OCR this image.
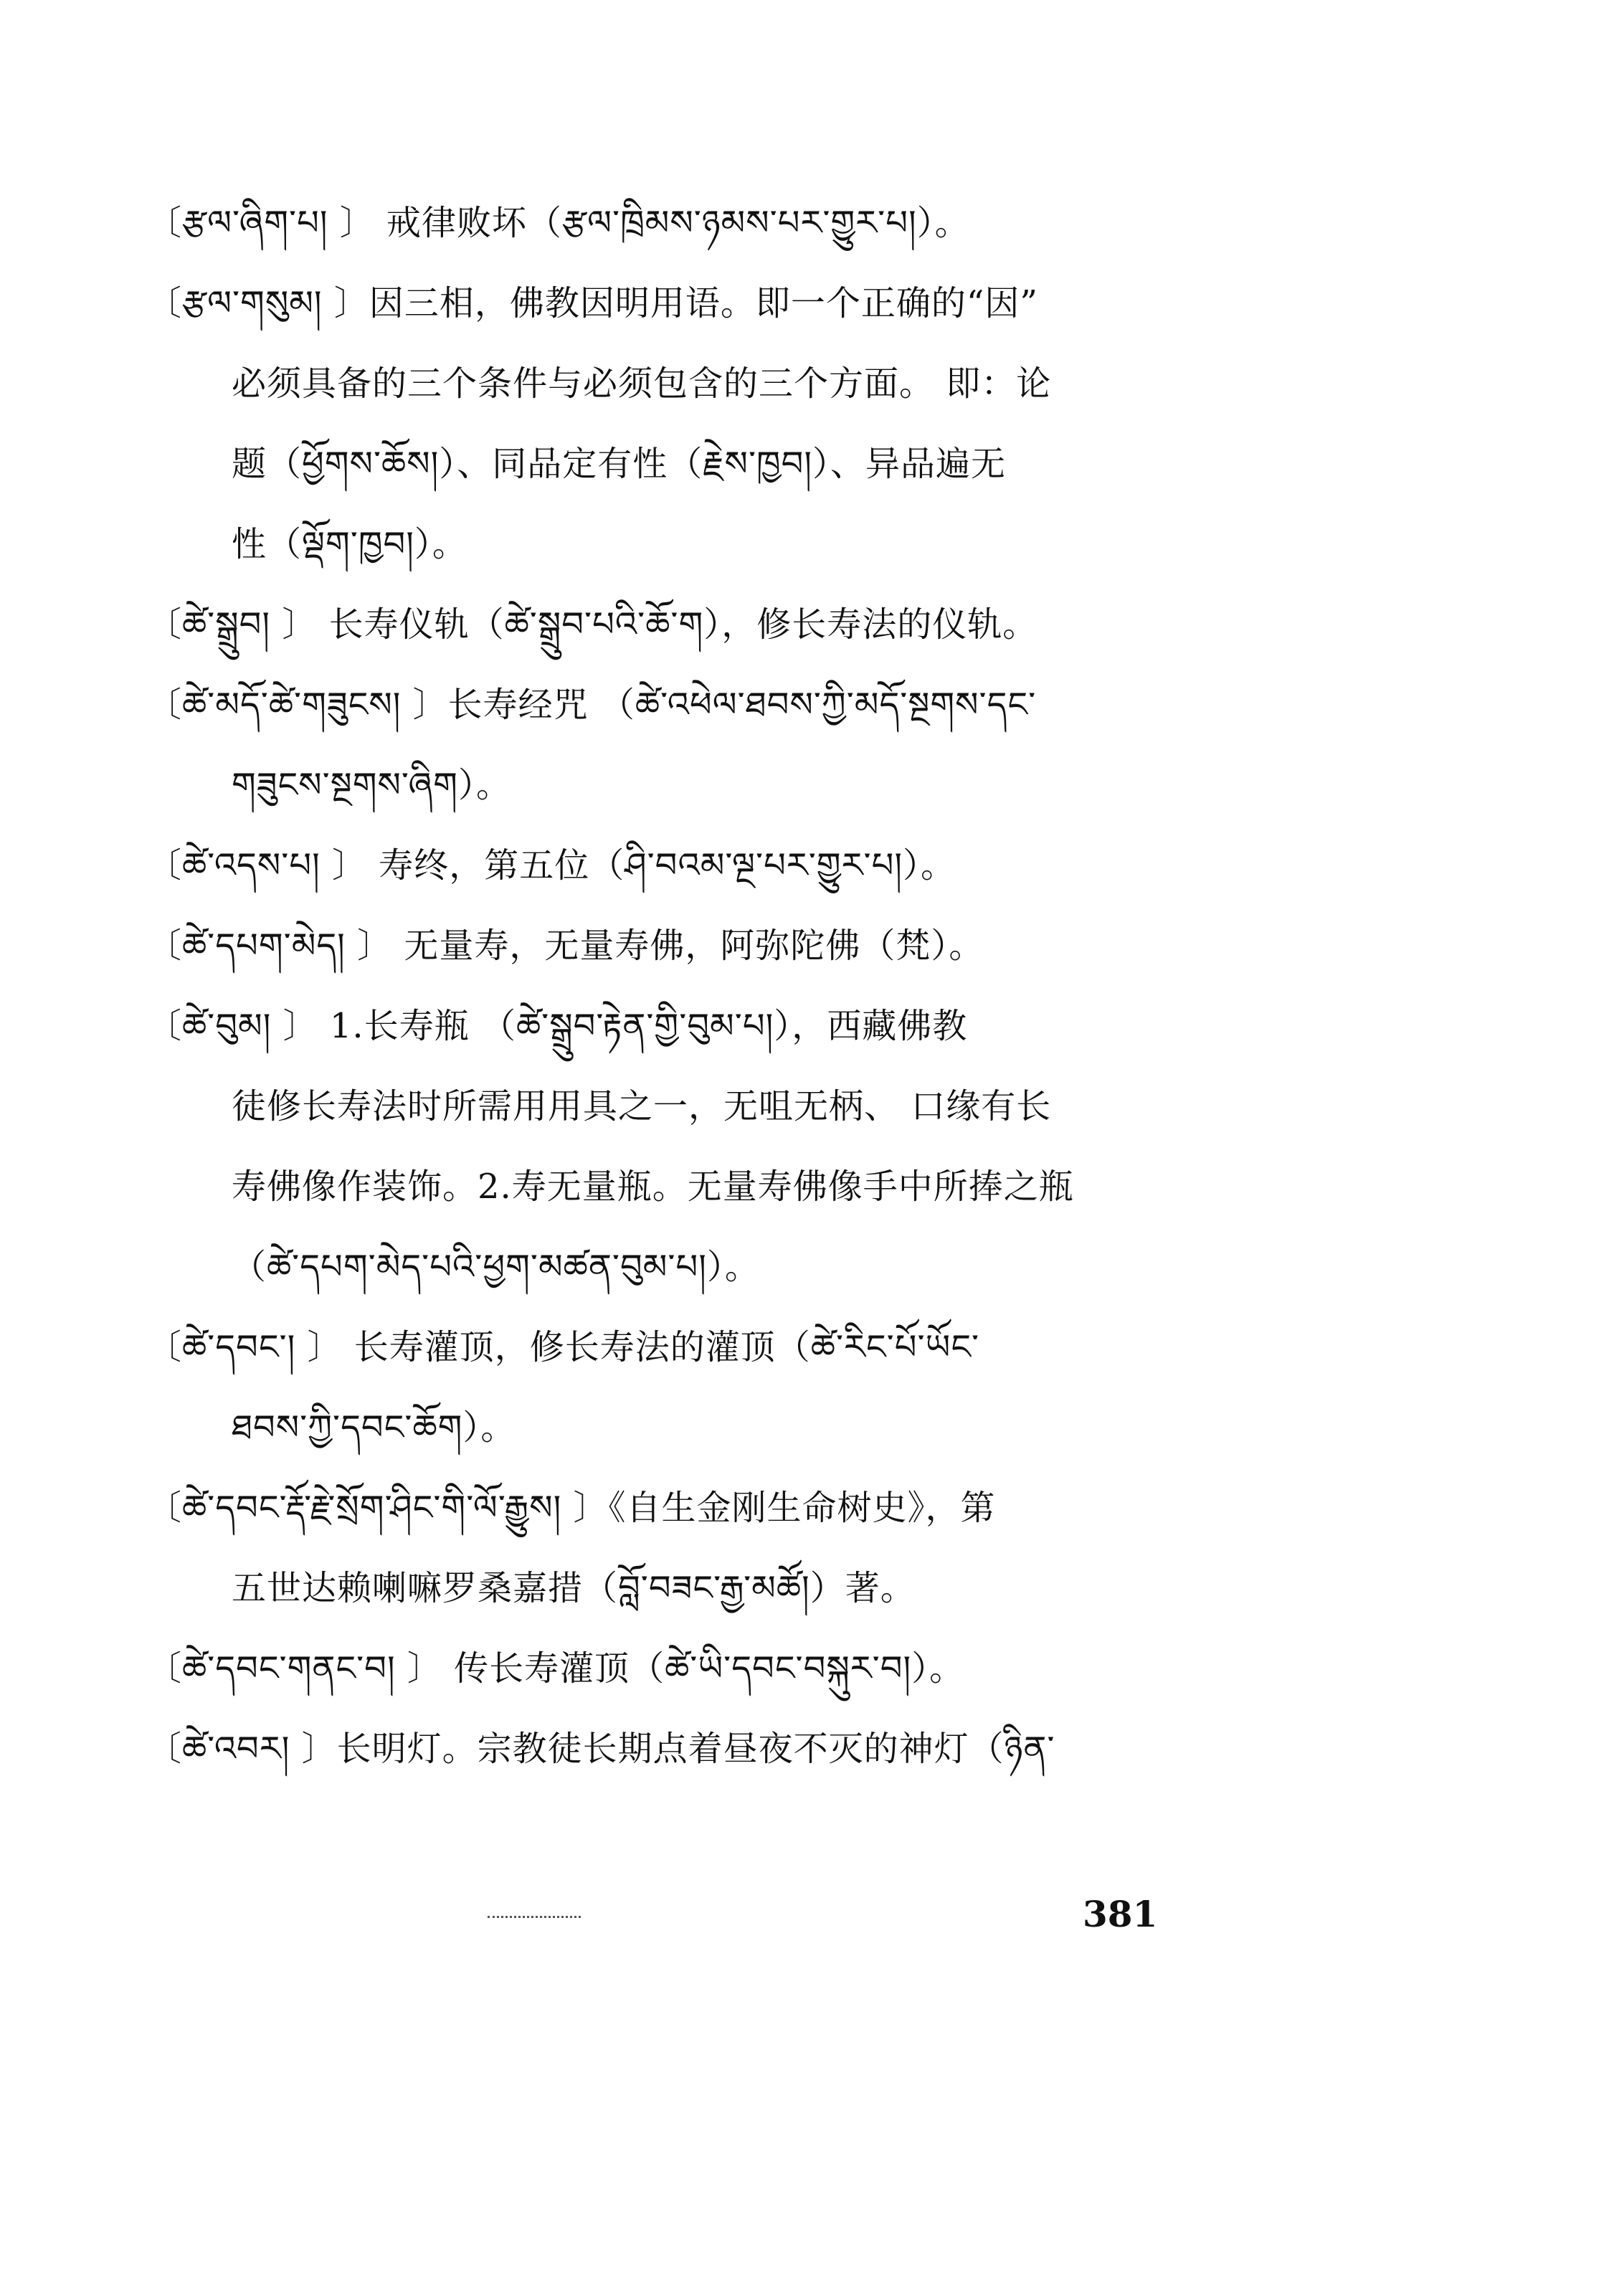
〔རྩལ་ཞིག་པ། 〕 戒律败坏（རྩལ་ཁྲིམས་ཉམས་པར་གྱུར་པ།）。
〔རྩལ་གསུམ། 〕因三相，佛教因明用语。即一个正确的“因”
必须具备的三个条件与必须包含的三个方面。 即：论
题（ཕྱོགས་ཆོས།）、同品定有性（རྗེས་ཁྱབ།）、异品遍无
性（ལྡོག་ཁྱབ།）。
〔ཚེ་སྒྲུབ། 〕 长寿仪轨（ཚེ་སྒྲུབ་པའི་ཆོ་ག），修长寿法的仪轨。
〔ཚེ་མདོ་ཚེ་གཟུངས། 〕长寿经咒 （ཚེ་འཕེལ་ཐབས་ཀྱི་མདོ་སྔགས་དང་
གཟུངས་སྔགས་ཞིག）。
〔ཚེ་འདས་པ། 〕 寿终，第五位（ཤི་བའམ་ལྔ་པར་གྱུར་པ།）。
〔ཚེ་དཔག་མེད། 〕 无量寿，无量寿佛，阿弥陀佛（梵）。
〔ཚེ་བུམ། 〕 1.长寿瓶 （ཚེ་སྒྲུབ་རྟེན་གྱི་བུམ་པ།），西藏佛教
徒修长寿法时所需用用具之一，无咀无柄、 口缘有长
寿佛像作装饰。2.寿无量瓶。无量寿佛像手中所捧之瓶
（ཚེ་དཔག་མེད་པའི་ཕྱག་མཚན་བུམ་པ།）。
〔ཚེ་དབང་། 〕 长寿灌顶，修长寿法的灌顶（ཚེ་རིང་པོ་ཡོང་
ཐབས་ཀྱི་དབང་ཆོག）。
〔ཚེ་དབང་རྡོ་རྗེ་སྲོག་ཤིང་གི་ལོ་རྒྱུས། 〕《自生金刚生命树史》，第
五世达赖喇嘛罗桑嘉措（བློ་བཟང་རྒྱ་མཚོ།）著。
〔ཚེ་དབང་གནང་བ། 〕 传长寿灌顶（ཚེ་ཡི་དབང་བསྐུར་བ།）。
〔ཚེ་འབར། 〕长明灯。宗教徒长期点着昼夜不灭的神灯（ཉིན་
381
